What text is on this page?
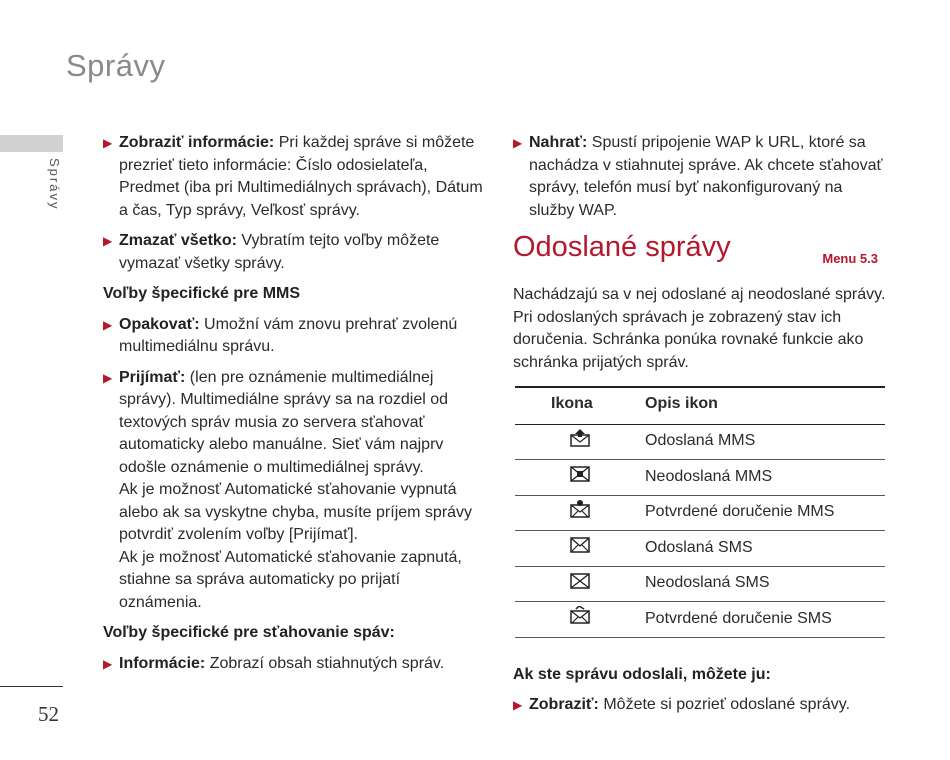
Správy
Správy
52
▶ Zobraziť informácie: Pri každej správe si môžete prezrieť tieto informácie: Číslo odosielateľa, Predmet (iba pri Multimediálnych správach), Dátum a čas, Typ správy, Veľkosť správy.
▶ Zmazať všetko: Vybratím tejto voľby môžete vymazať všetky správy.
Voľby špecifické pre MMS
▶ Opakovať: Umožní vám znovu prehrať zvolenú multimediálnu správu.
▶ Prijímať: (len pre oznámenie multimediálnej správy). Multimediálne správy sa na rozdiel od textových správ musia zo servera sťahovať automaticky alebo manuálne. Sieť vám najprv odošle oznámenie o multimediálnej správy.
Ak je možnosť Automatické sťahovanie vypnutá alebo ak sa vyskytne chyba, musíte príjem správy potvrdiť zvolením voľby [Prijímať].
Ak je možnosť Automatické sťahovanie zapnutá, stiahne sa správa automaticky po prijatí oznámenia.
Voľby špecifické pre sťahovanie spáv:
▶ Informácie: Zobrazí obsah stiahnutých správ.
▶ Nahrať: Spustí pripojenie WAP k URL, ktoré sa nachádza v stiahnutej správe. Ak chcete sťahovať správy, telefón musí byť nakonfigurovaný na služby WAP.
Odoslané správy	Menu 5.3
Nachádzajú sa v nej odoslané aj neodoslané správy. Pri odoslaných správach je zobrazený stav ich doručenia. Schránka ponúka rovnaké funkcie ako schránka prijatých správ.
Ikona	Opis ikon
	Odoslaná MMS
	Neodoslaná MMS
	Potvrdené doručenie MMS
	Odoslaná SMS
	Neodoslaná SMS
	Potvrdené doručenie SMS
Ak ste správu odoslali, môžete ju:
▶ Zobraziť: Môžete si pozrieť odoslané správy.
